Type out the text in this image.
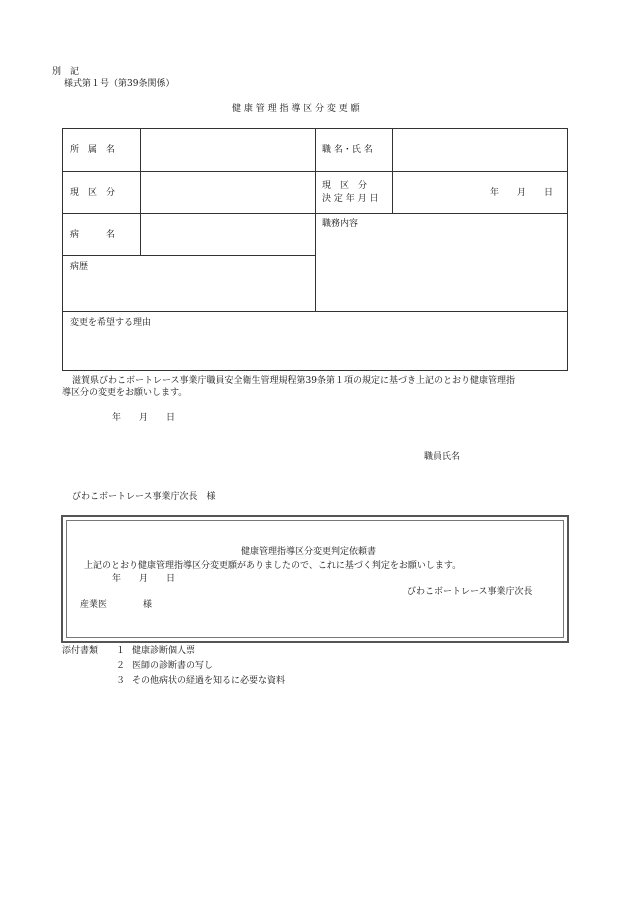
別　記
様式第１号（第39条関係）
健 康 管 理 指 導 区 分 変 更 願
所　属　名	職 名・氏 名
現　区　分
現　区　分
決 定 年 月 日
年　　月　　日
病　　　名
職務内容
病歴
変更を希望する理由
滋賀県びわこボートレース事業庁職員安全衛生管理規程第39条第１項の規定に基づき上記のとおり健康管理指
導区分の変更をお願いします。
年　　月　　日
職員氏名
びわこボートレース事業庁次長　様
健康管理指導区分変更判定依頼書
上記のとおり健康管理指導区分変更願がありましたので、これに基づく判定をお願いします。
年　　月　　日
びわこボートレース事業庁次長
産業医　　　　様
添付書類 １ 健康診断個人票
２ 医師の診断書の写し
３ その他病状の経過を知るに必要な資料
